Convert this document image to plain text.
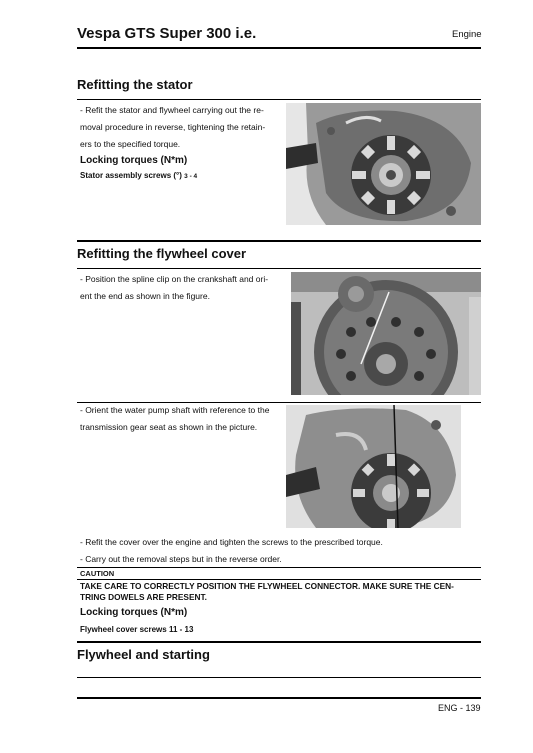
Vespa GTS Super 300 i.e.	Engine
Refitting the stator
- Refit the stator and flywheel carrying out the re-
moval procedure in reverse, tightening the retain-
ers to the specified torque.
Locking torques (N*m)
Stator assembly screws (°) 3 - 4
Refitting the flywheel cover
- Position the spline clip on the crankshaft and ori-
ent the end as shown in the figure.
- Orient the water pump shaft with reference to the
transmission gear seat as shown in the picture.
- Refit the cover over the engine and tighten the screws to the prescribed torque.
- Carry out the removal steps but in the reverse order.
CAUTION
TAKE CARE TO CORRECTLY POSITION THE FLYWHEEL CONNECTOR. MAKE SURE THE CEN-
TRING DOWELS ARE PRESENT.
Locking torques (N*m)
Flywheel cover screws 11 - 13
Flywheel and starting
ENG - 139
